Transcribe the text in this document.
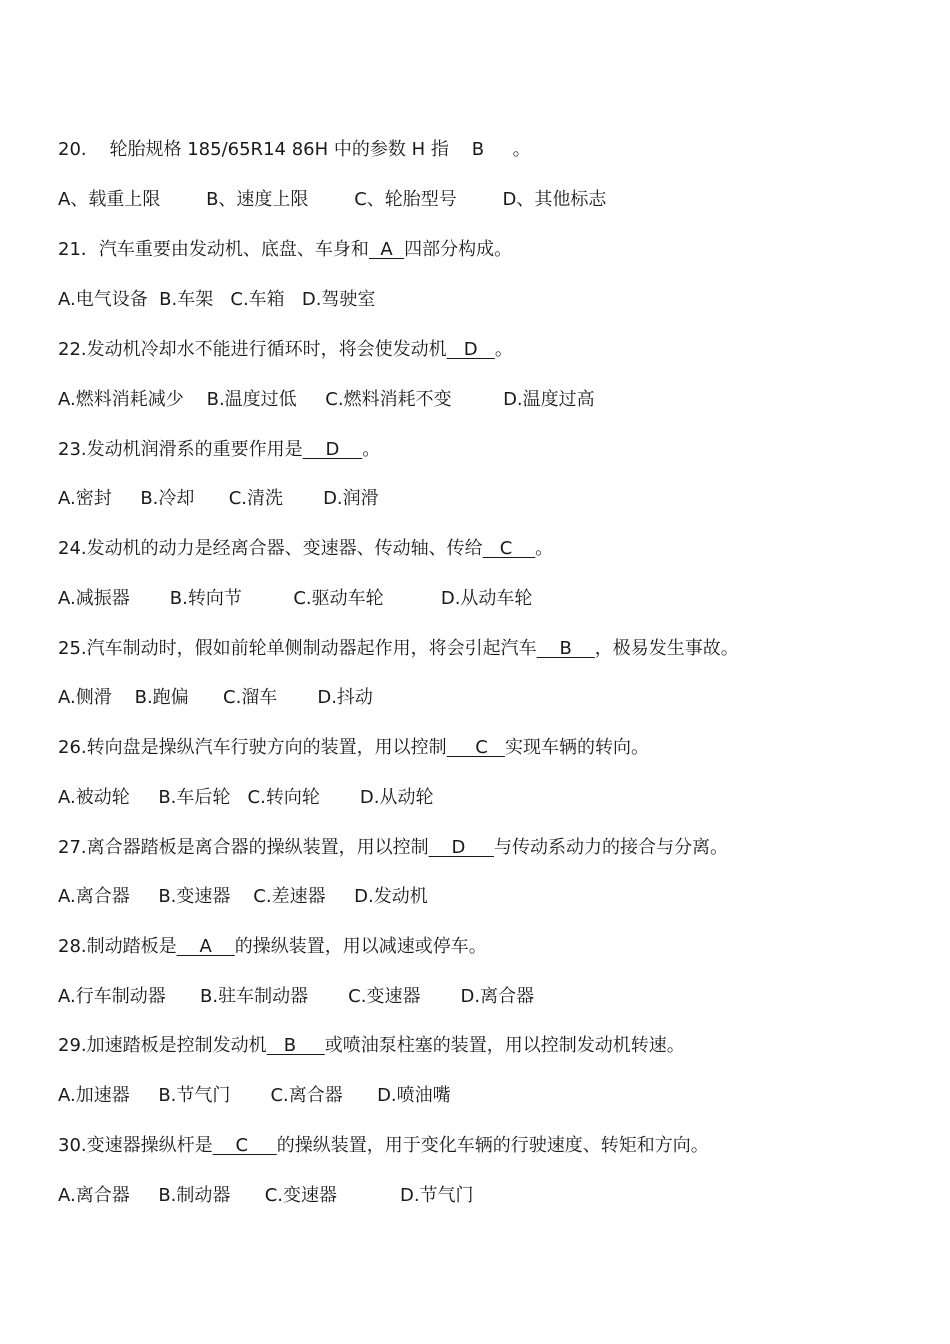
20.    轮胎规格 185/65R14 86H 中的参数 H 指    B     。
A、载重上限        B、速度上限        C、轮胎型号        D、其他标志
21．汽车重要由发动机、底盘、车身和  A  四部分构成。
A.电气设备  B.车架   C.车箱   D.驾驶室
22.发动机冷却水不能进行循环时，将会使发动机   D   。
A.燃料消耗减少    B.温度过低     C.燃料消耗不变         D.温度过高
23.发动机润滑系的重要作用是    D    。
A.密封     B.冷却      C.清洗       D.润滑
24.发动机的动力是经离合器、变速器、传动轴、传给   C    。
A.减振器       B.转向节         C.驱动车轮          D.从动车轮
25.汽车制动时，假如前轮单侧制动器起作用，将会引起汽车    B    ，极易发生事故。
A.侧滑    B.跑偏      C.溜车       D.抖动
26.转向盘是操纵汽车行驶方向的装置，用以控制     C   实现车辆的转向。
A.被动轮     B.车后轮   C.转向轮       D.从动轮
27.离合器踏板是离合器的操纵装置，用以控制    D     与传动系动力的接合与分离。
A.离合器     B.变速器    C.差速器     D.发动机
28.制动踏板是    A    的操纵装置，用以减速或停车。
A.行车制动器      B.驻车制动器       C.变速器       D.离合器
29.加速踏板是控制发动机   B     或喷油泵柱塞的装置，用以控制发动机转速。
A.加速器     B.节气门       C.离合器      D.喷油嘴
30.变速器操纵杆是    C     的操纵装置，用于变化车辆的行驶速度、转矩和方向。
A.离合器     B.制动器      C.变速器           D.节气门
